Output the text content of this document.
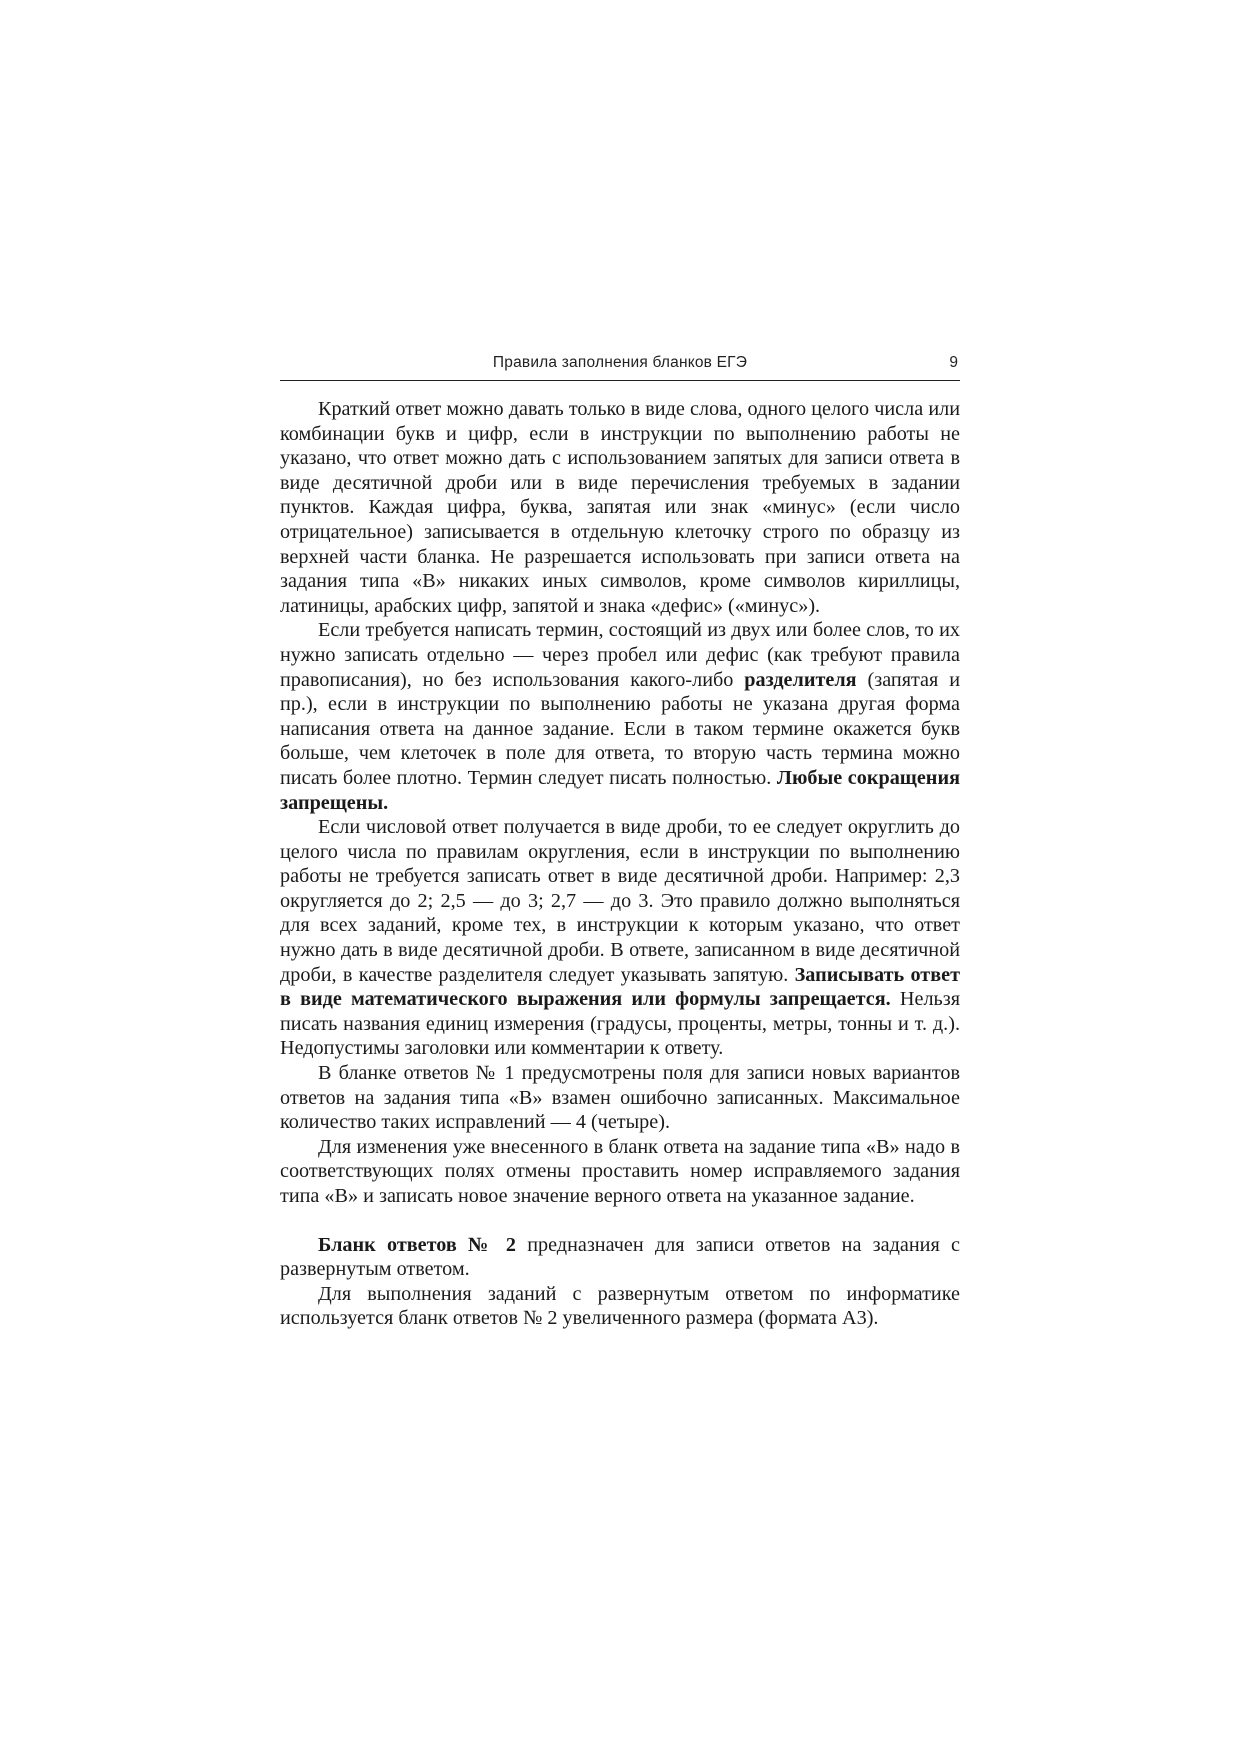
Правила заполнения бланков ЕГЭ	9

Краткий ответ можно давать только в виде слова, одного целого числа или комбинации букв и цифр, если в инструкции по выполнению работы не указано, что ответ можно дать с использованием запятых для записи ответа в виде десятичной дроби или в виде перечисления требуемых в задании пунктов. Каждая цифра, буква, запятая или знак «минус» (если число отрицательное) записывается в отдельную клеточку строго по образцу из верхней части бланка. Не разрешается использовать при записи ответа на задания типа «В» никаких иных символов, кроме символов кириллицы, латиницы, арабских цифр, запятой и знака «дефис» («минус»).

Если требуется написать термин, состоящий из двух или более слов, то их нужно записать отдельно — через пробел или дефис (как требуют правила правописания), но без использования какого-либо разделителя (запятая и пр.), если в инструкции по выполнению работы не указана другая форма написания ответа на данное задание. Если в таком термине окажется букв больше, чем клеточек в поле для ответа, то вторую часть термина можно писать более плотно. Термин следует писать полностью. Любые сокращения запрещены.

Если числовой ответ получается в виде дроби, то ее следует округлить до целого числа по правилам округления, если в инструкции по выполнению работы не требуется записать ответ в виде десятичной дроби. Например: 2,3 округляется до 2; 2,5 — до 3; 2,7 — до 3. Это правило должно выполняться для всех заданий, кроме тех, в инструкции к которым указано, что ответ нужно дать в виде десятичной дроби. В ответе, записанном в виде десятичной дроби, в качестве разделителя следует указывать запятую. Записывать ответ в виде математического выражения или формулы запрещается. Нельзя писать названия единиц измерения (градусы, проценты, метры, тонны и т. д.). Недопустимы заголовки или комментарии к ответу.

В бланке ответов № 1 предусмотрены поля для записи новых вариантов ответов на задания типа «В» взамен ошибочно записанных. Максимальное количество таких исправлений — 4 (четыре).

Для изменения уже внесенного в бланк ответа на задание типа «В» надо в соответствующих полях отмены проставить номер исправляемого задания типа «В» и записать новое значение верного ответа на указанное задание.

Бланк ответов № 2 предназначен для записи ответов на задания с развернутым ответом.

Для выполнения заданий с развернутым ответом по информатике используется бланк ответов № 2 увеличенного размера (формата А3).
